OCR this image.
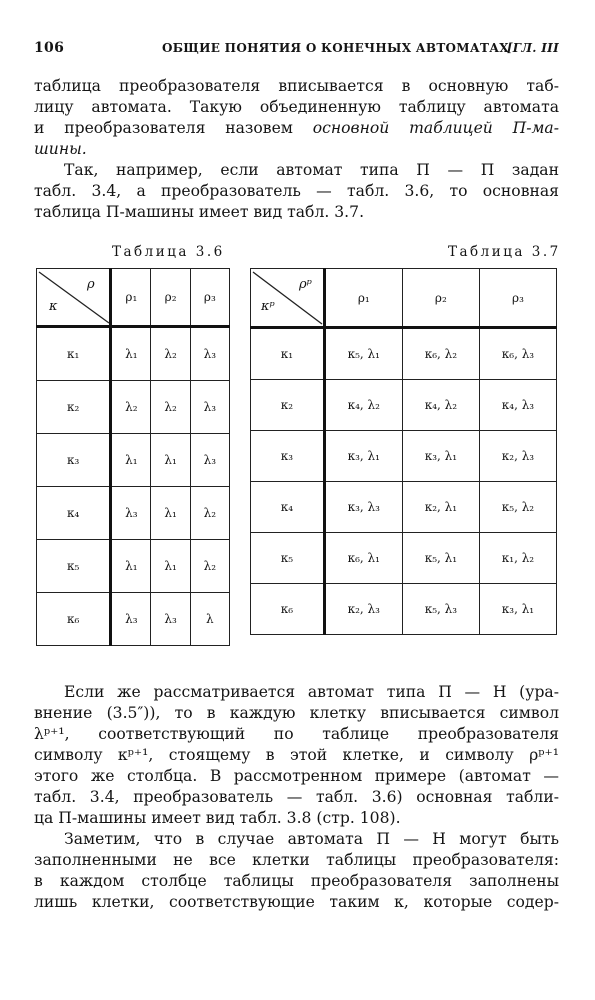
106	ОБЩИЕ ПОНЯТИЯ О КОНЕЧНЫХ АВТОМАТАХ
[ГЛ. III
таблица преобразователя вписывается в основную таб-
лицу автомата. Такую объединенную таблицу автомата
и преобразователя назовем основной таблицей П-ма-
шины.
Так, например, если автомат типа П — П задан
табл. 3.4, а преобразователь — табл. 3.6, то основная
таблица П-машины имеет вид табл. 3.7.
Таблица 3.6	Таблица 3.7
ρ
κ	ρ₁	ρ₂	ρ₃
κ₁	λ₁	λ₂	λ₃
κ₂	λ₂	λ₂	λ₃
κ₃	λ₁	λ₁	λ₃
κ₄	λ₃	λ₁	λ₂
κ₅	λ₁	λ₁	λ₂
κ₆	λ₃	λ₃	λ
ρᵖ
κᵖ	ρ₁	ρ₂	ρ₃
κ₁	κ₅, λ₁	κ₆, λ₂	κ₆, λ₃
κ₂	κ₄, λ₂	κ₄, λ₂	κ₄, λ₃
κ₃	κ₃, λ₁	κ₃, λ₁	κ₂, λ₃
κ₄	κ₃, λ₃	κ₂, λ₁	κ₅, λ₂
κ₅	κ₆, λ₁	κ₅, λ₁	κ₁, λ₂
κ₆	κ₂, λ₃	κ₅, λ₃	κ₃, λ₁
Если же рассматривается автомат типа П — Н (ура-
внение (3.5″)), то в каждую клетку вписывается символ
λᵖ⁺¹, соответствующий по таблице преобразователя
символу κᵖ⁺¹, стоящему в этой клетке, и символу ρᵖ⁺¹
этого же столбца. В рассмотренном примере (автомат —
табл. 3.4, преобразователь — табл. 3.6) основная табли-
ца П-машины имеет вид табл. 3.8 (стр. 108).
Заметим, что в случае автомата П — Н могут быть
заполненными не все клетки таблицы преобразователя:
в каждом столбце таблицы преобразователя заполнены
лишь клетки, соответствующие таким κ, которые содер-
